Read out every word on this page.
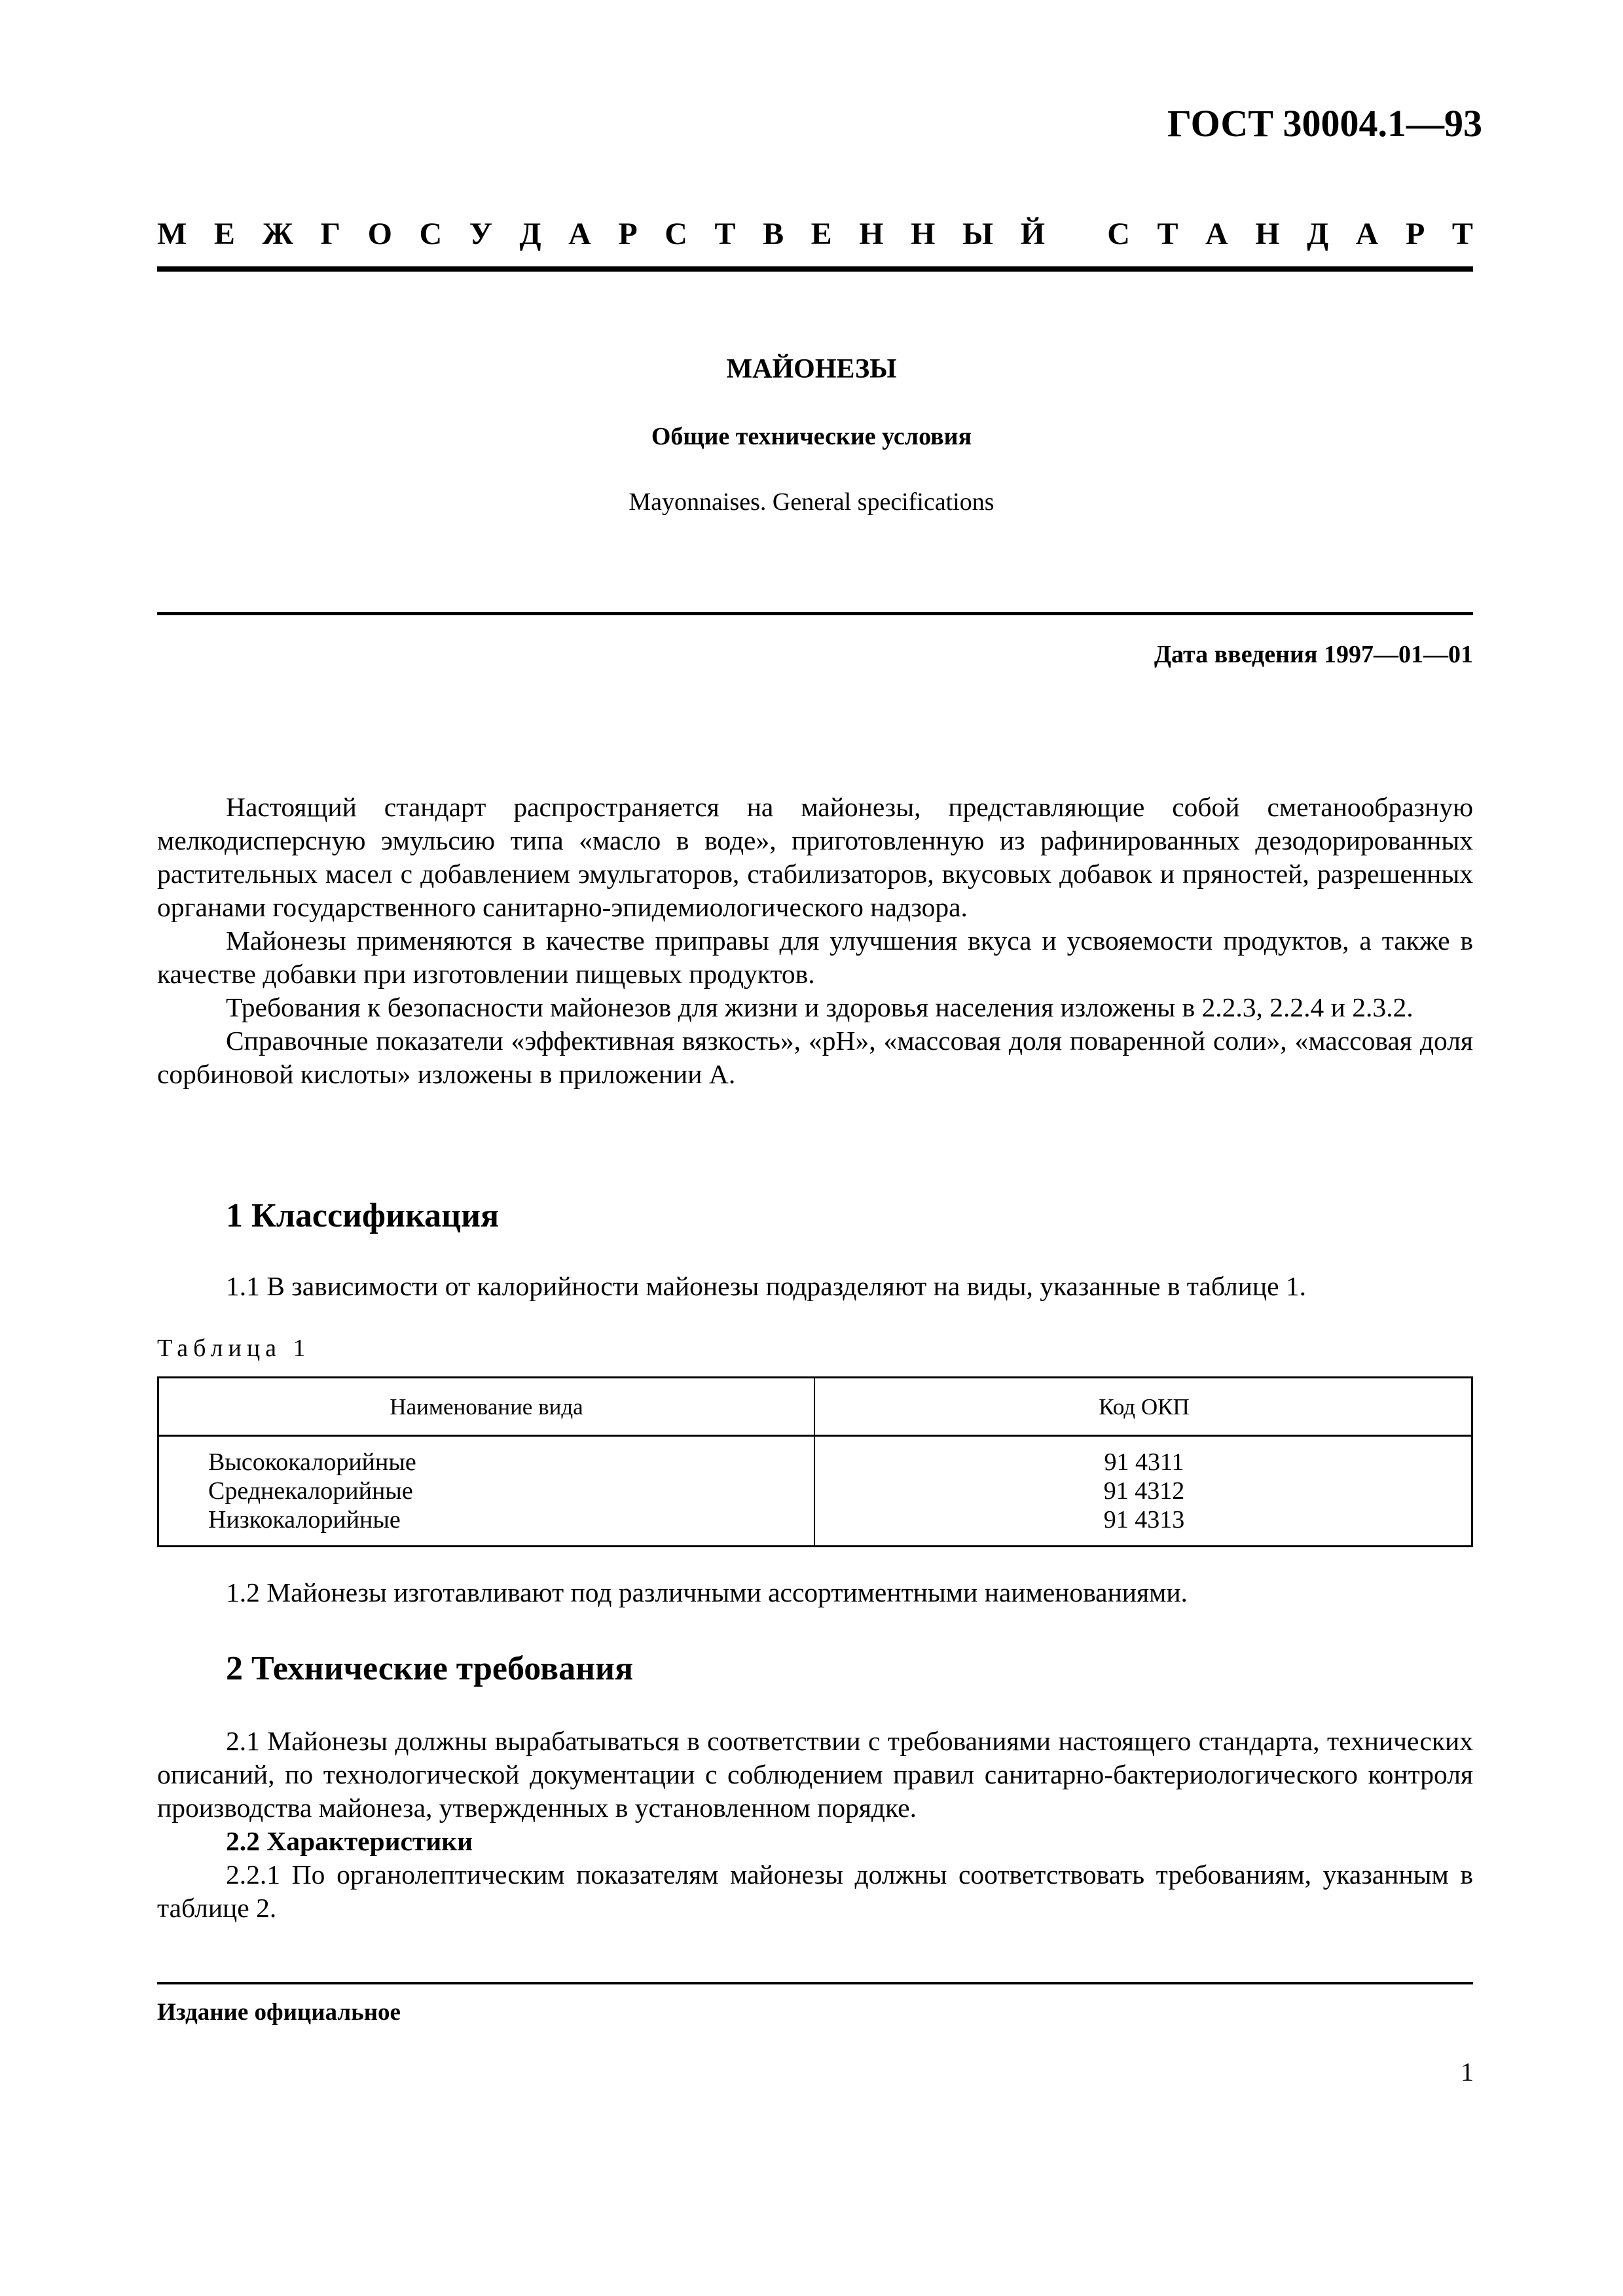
ГОСТ 30004.1—93
М Е Ж Г О С У Д А Р С Т В Е Н Н Ы Й
С Т А Н Д А Р Т
МАЙОНЕЗЫ
Общие технические условия
Mayonnaises. General specifications
Дата введения 1997—01—01

Настоящий стандарт распространяется на майонезы, представляющие собой сметанообразную мелкодисперсную эмульсию типа «масло в воде», приготовленную из рафинированных дезодорированных растительных масел с добавлением эмульгаторов, стабилизаторов, вкусовых добавок и пряностей, разрешенных органами государственного санитарно-эпидемиологического надзора.

Майонезы применяются в качестве приправы для улучшения вкуса и усвояемости продуктов, а также в качестве добавки при изготовлении пищевых продуктов.

Требования к безопасности майонезов для жизни и здоровья населения изложены в 2.2.3, 2.2.4 и 2.3.2.

Справочные показатели «эффективная вязкость», «рН», «массовая доля поваренной соли», «массовая доля сорбиновой кислоты» изложены в приложении А.

1 Классификация

1.1 В зависимости от калорийности майонезы подразделяют на виды, указанные в таблице 1.

Таблица 1
Наименование вида	Код ОКП
Высококалорийные
Среднекалорийные
Низкокалорийные
91 4311
91 4312
91 4313

1.2 Майонезы изготавливают под различными ассортиментными наименованиями.

2 Технические требования

2.1 Майонезы должны вырабатываться в соответствии с требованиями настоящего стандарта, технических описаний, по технологической документации с соблюдением правил санитарно-бактериологического контроля производства майонеза, утвержденных в установленном порядке.

2.2 Характеристики

2.2.1 По органолептическим показателям майонезы должны соответствовать требованиям, указанным в таблице 2.

Издание официальное
1
